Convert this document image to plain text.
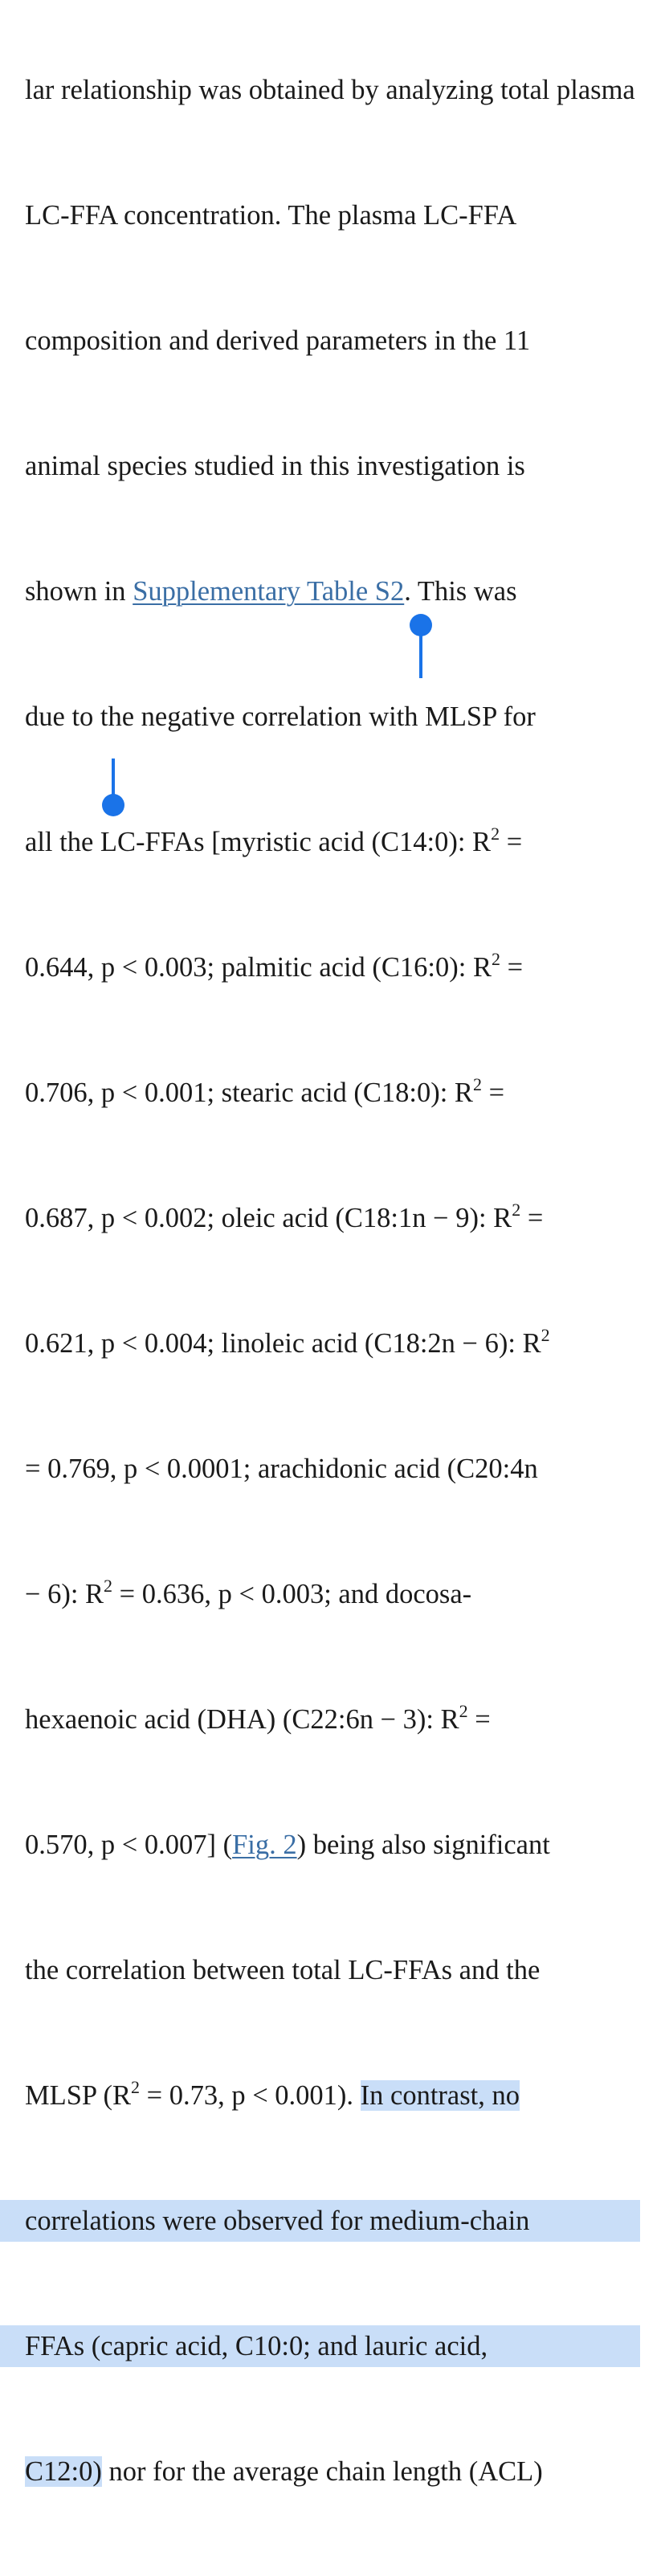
lar relationship was obtained by analyzing total plasma

LC-FFA concentration. The plasma LC-FFA

composition and derived parameters in the 11

animal species studied in this investigation is

shown in Supplementary Table S2. This was

due to the negative correlation with MLSP for

all the LC-FFAs [myristic acid (C14:0): $R^2$ =

0.644, p < 0.003; palmitic acid (C16:0): $R^2$ =

0.706, p < 0.001; stearic acid (C18:0): $R^2$ =

0.687, p < 0.002; oleic acid (C18:1n − 9): $R^2$ =

0.621, p < 0.004; linoleic acid (C18:2n − 6): $R^2$

= 0.769, p < 0.0001; arachidonic acid (C20:4n

− 6): $R^2 = 0.636$, p < 0.003; and docosa-

hexaenoic acid (DHA) (C22:6n − 3): $R^2$ =

0.570, p < 0.007] (Fig. 2) being also significant

the correlation between total LC-FFAs and the

MLSP ($R^2 = 0.73$, p < 0.001). In contrast, no

correlations were observed for medium-chain

FFAs (capric acid, C10:0; and lauric acid,

C12:0) nor for the average chain length (ACL)
